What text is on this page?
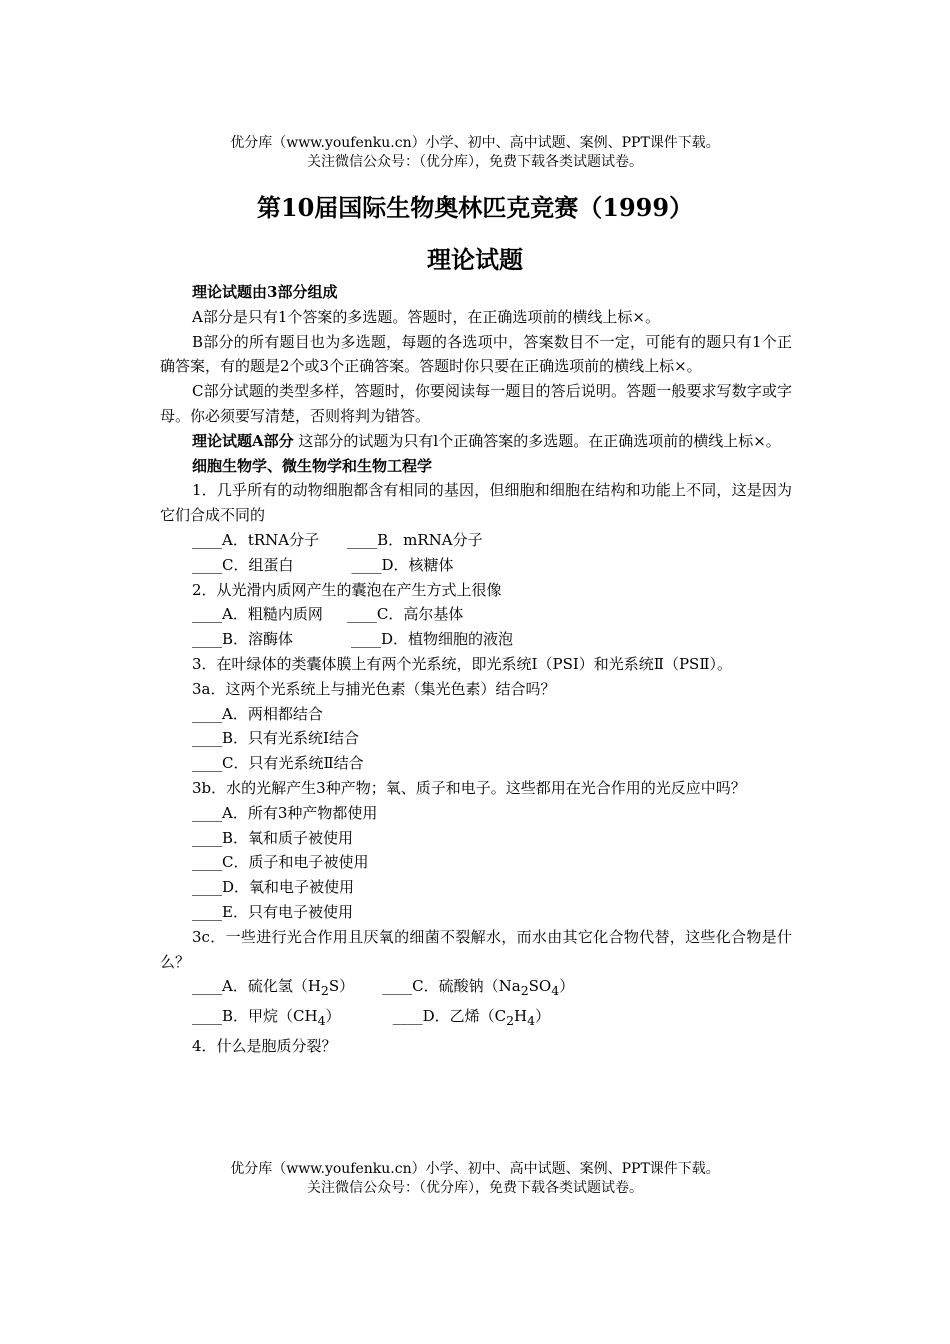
优分库（www.youfenku.cn）小学、初中、高中试题、案例、PPT课件下载。
关注微信公众号：（优分库），免费下载各类试题试卷。
第10届国际生物奥林匹克竞赛（1999）
理论试题

理论试题由3部分组成

A部分是只有1个答案的多选题。答题时，在正确选项前的横线上标×。

B部分的所有题目也为多选题，每题的各选项中，答案数目不一定，可能有的题只有1个正确答案，有的题是2个或3个正确答案。答题时你只要在正确选项前的横线上标×。

C部分试题的类型多样，答题时，你要阅读每一题目的答后说明。答题一般要求写数字或字母。你必须要写清楚，否则将判为错答。

理论试题A部分 这部分的试题为只有l个正确答案的多选题。在正确选项前的横线上标×。

细胞生物学、微生物学和生物工程学

1．几乎所有的动物细胞都含有相同的基因，但细胞和细胞在结构和功能上不同，这是因为它们合成不同的

____A．tRNA分子 ____B．mRNA分子

____C．组蛋白	____D．核糖体

2．从光滑内质网产生的囊泡在产生方式上很像

____A．粗糙内质网 ____C．高尔基体

____B．溶酶体	____D．植物细胞的液泡

3．在叶绿体的类囊体膜上有两个光系统，即光系统Ⅰ（PSⅠ）和光系统Ⅱ（PSⅡ）。

3a．这两个光系统上与捕光色素（集光色素）结合吗？

____A．两相都结合

____B．只有光系统Ⅰ结合

____C．只有光系统Ⅱ结合

3b．水的光解产生3种产物；氧、质子和电子。这些都用在光合作用的光反应中吗？

____A．所有3种产物都使用

____B．氧和质子被使用

____C．质子和电子被使用

____D．氧和电子被使用

____E．只有电子被使用

3c．一些进行光合作用且厌氧的细菌不裂解水，而水由其它化合物代替，这些化合物是什么？

____A．硫化氢$(H_2S)$ ____C．硫酸钠$(Na_2SO_4)$

____B．甲烷$(CH_4)$	____D．乙烯$(C_2H_4)$

4．什么是胞质分裂？

优分库（www.youfenku.cn）小学、初中、高中试题、案例、PPT课件下载。
关注微信公众号：（优分库），免费下载各类试题试卷。
